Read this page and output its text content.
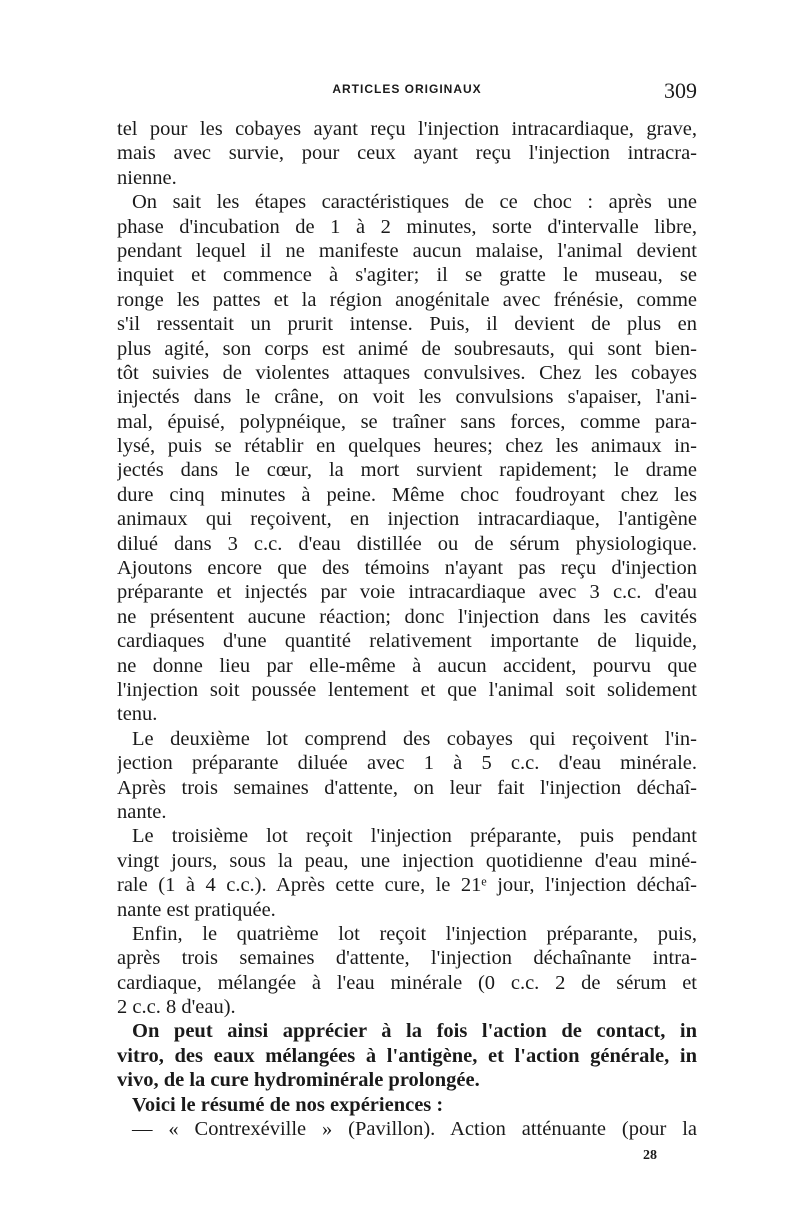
ARTICLES ORIGINAUX	309
tel pour les cobayes ayant reçu l'injection intracardiaque, grave,
mais avec survie, pour ceux ayant reçu l'injection intracra-
nienne.
On sait les étapes caractéristiques de ce choc : après une
phase d'incubation de 1 à 2 minutes, sorte d'intervalle libre,
pendant lequel il ne manifeste aucun malaise, l'animal devient
inquiet et commence à s'agiter; il se gratte le museau, se
ronge les pattes et la région anogénitale avec frénésie, comme
s'il ressentait un prurit intense. Puis, il devient de plus en
plus agité, son corps est animé de soubresauts, qui sont bien-
tôt suivies de violentes attaques convulsives. Chez les cobayes
injectés dans le crâne, on voit les convulsions s'apaiser, l'ani-
mal, épuisé, polypnéique, se traîner sans forces, comme para-
lysé, puis se rétablir en quelques heures; chez les animaux in-
jectés dans le cœur, la mort survient rapidement; le drame
dure cinq minutes à peine. Même choc foudroyant chez les
animaux qui reçoivent, en injection intracardiaque, l'antigène
dilué dans 3 c.c. d'eau distillée ou de sérum physiologique.
Ajoutons encore que des témoins n'ayant pas reçu d'injection
préparante et injectés par voie intracardiaque avec 3 c.c. d'eau
ne présentent aucune réaction; donc l'injection dans les cavités
cardiaques d'une quantité relativement importante de liquide,
ne donne lieu par elle-même à aucun accident, pourvu que
l'injection soit poussée lentement et que l'animal soit solidement
tenu.
Le deuxième lot comprend des cobayes qui reçoivent l'in-
jection préparante diluée avec 1 à 5 c.c. d'eau minérale.
Après trois semaines d'attente, on leur fait l'injection déchaî-
nante.
Le troisième lot reçoit l'injection préparante, puis pendant
vingt jours, sous la peau, une injection quotidienne d'eau miné-
rale (1 à 4 c.c.). Après cette cure, le 21ᵉ jour, l'injection déchaî-
nante est pratiquée.
Enfin, le quatrième lot reçoit l'injection préparante, puis,
après trois semaines d'attente, l'injection déchaînante intra-
cardiaque, mélangée à l'eau minérale (0 c.c. 2 de sérum et
2 c.c. 8 d'eau).
On peut ainsi apprécier à la fois l'action de contact, in
vitro, des eaux mélangées à l'antigène, et l'action générale, in
vivo, de la cure hydrominérale prolongée.
Voici le résumé de nos expériences :
— « Contrexéville » (Pavillon). Action atténuante (pour la
28
